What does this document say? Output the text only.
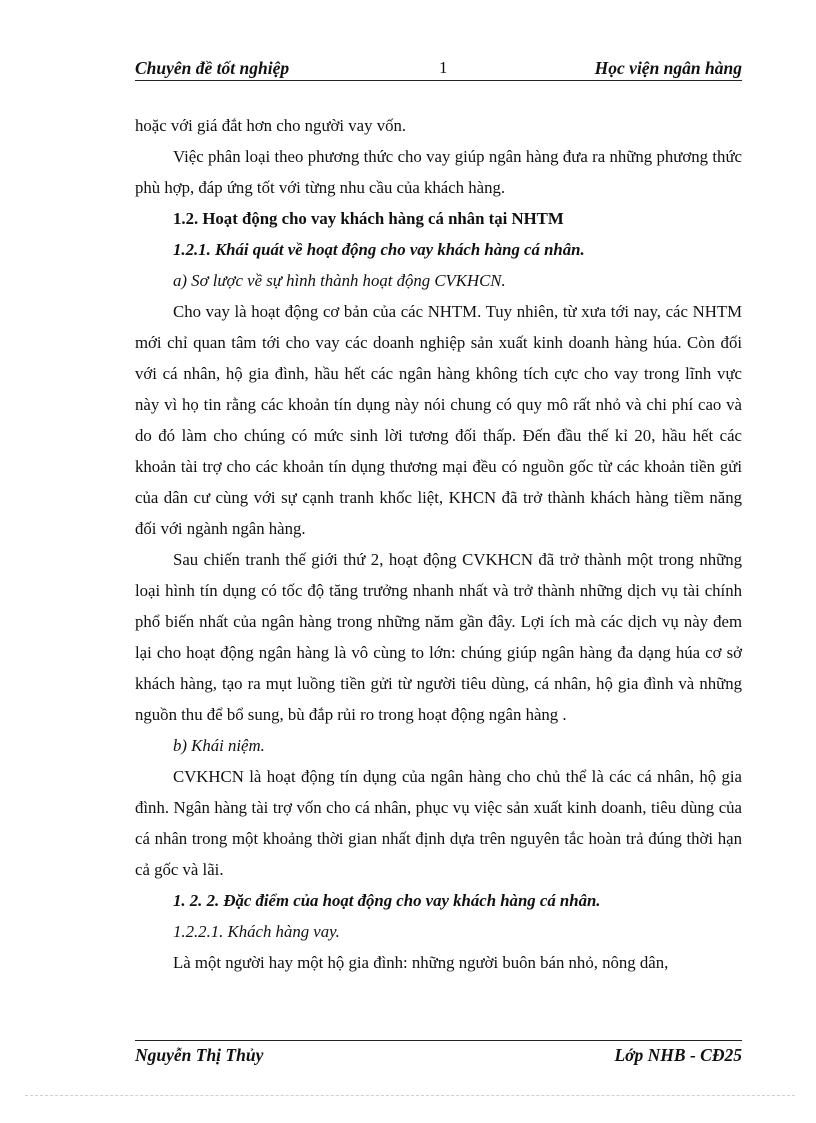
Chuyên đề tốt nghiệp	1	Học viện ngân hàng

hoặc với giá đắt hơn cho người vay vốn.

Việc phân loại theo phương thức cho vay giúp ngân hàng đưa ra những phương thức phù hợp, đáp ứng tốt với từng nhu cầu của khách hàng.

1.2. Hoạt động cho vay khách hàng cá nhân tại NHTM

1.2.1. Khái quát về hoạt động cho vay khách hàng cá nhân.

a) Sơ lược về sự hình thành hoạt động CVKHCN.

Cho vay là hoạt động cơ bản của các NHTM. Tuy nhiên, từ xưa tới nay, các NHTM mới chỉ quan tâm tới cho vay các doanh nghiệp sản xuất kinh doanh hàng húa. Còn đối với cá nhân, hộ gia đình, hầu hết các ngân hàng không tích cực cho vay trong lĩnh vực này vì họ tin rằng các khoản tín dụng này nói chung có quy mô rất nhỏ và chi phí cao và do đó làm cho chúng có mức sinh lời tương đối thấp. Đến đầu thế kỉ 20, hầu hết các khoản tài trợ cho các khoản tín dụng thương mại đều có nguồn gốc từ các khoản tiền gửi của dân cư cùng với sự cạnh tranh khốc liệt, KHCN đã trở thành khách hàng tiềm năng đối với ngành ngân hàng.

Sau chiến tranh thế giới thứ 2, hoạt động CVKHCN đã trở thành một trong những loại hình tín dụng có tốc độ tăng trưởng nhanh nhất và trở thành những dịch vụ tài chính phổ biến nhất của ngân hàng trong những năm gần đây. Lợi ích mà các dịch vụ này đem lại cho hoạt động ngân hàng là vô cùng to lớn: chúng giúp ngân hàng đa dạng húa cơ sở khách hàng, tạo ra mụt luồng tiền gửi từ người tiêu dùng, cá nhân, hộ gia đình và những nguồn thu để bổ sung, bù đắp rủi ro trong hoạt động ngân hàng .

b) Khái niệm.

CVKHCN là hoạt động tín dụng của ngân hàng cho chủ thể là các cá nhân, hộ gia đình. Ngân hàng tài trợ vốn cho cá nhân, phục vụ việc sản xuất kinh doanh, tiêu dùng của cá nhân trong một khoảng thời gian nhất định dựa trên nguyên tắc hoàn trả đúng thời hạn cả gốc và lãi.

1. 2. 2. Đặc điểm của hoạt động cho vay khách hàng cá nhân.

1.2.2.1. Khách hàng vay.

Là một người hay một hộ gia đình: những người buôn bán nhỏ, nông dân,

Nguyễn Thị Thủy	Lớp NHB - CĐ25
